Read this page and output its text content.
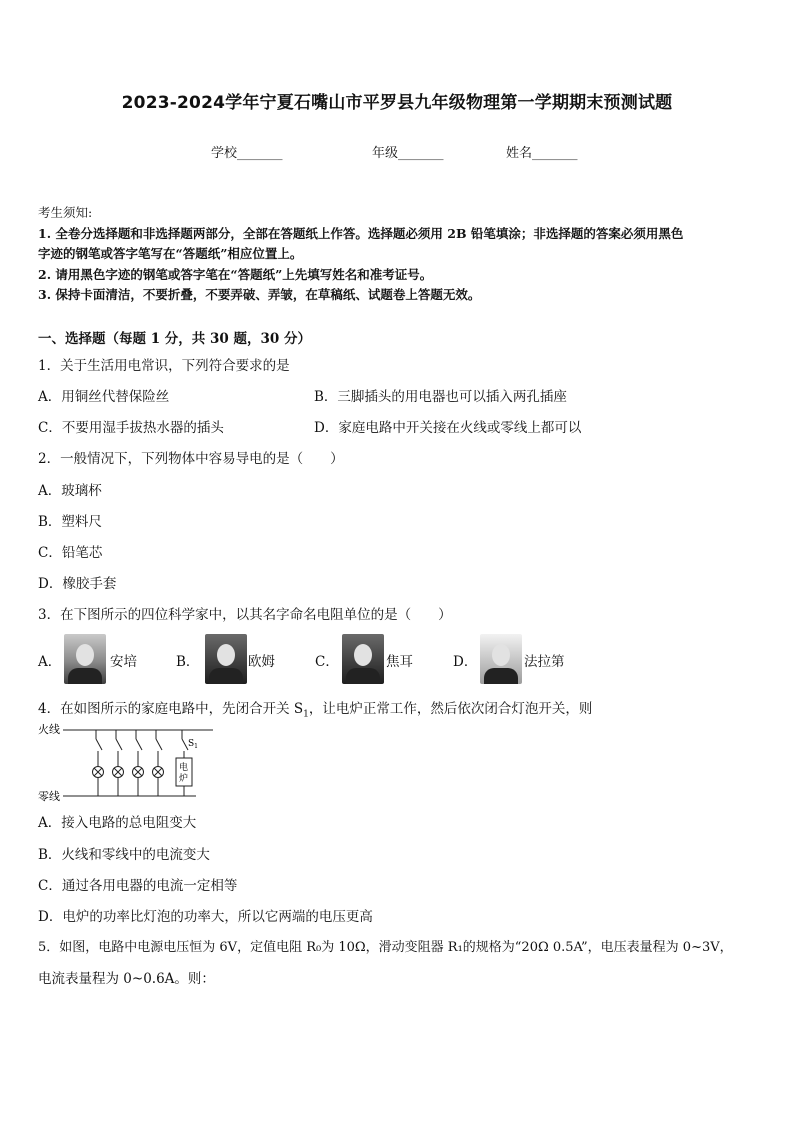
2023-2024学年宁夏石嘴山市平罗县九年级物理第一学期期末预测试题
学校_______	年级_______	姓名_______
考生须知:
1. 全卷分选择题和非选择题两部分，全部在答题纸上作答。选择题必须用 2B 铅笔填涂；非选择题的答案必须用黑色
字迹的钢笔或答字笔写在“答题纸”相应位置上。
2. 请用黑色字迹的钢笔或答字笔在“答题纸”上先填写姓名和准考证号。
3. 保持卡面清洁，不要折叠，不要弄破、弄皱，在草稿纸、试题卷上答题无效。
一、选择题（每题 1 分，共 30 题，30 分）
1．关于生活用电常识，下列符合要求的是
A．用铜丝代替保险丝	B．三脚插头的用电器也可以插入两孔插座
C．不要用湿手拔热水器的插头	D．家庭电路中开关接在火线或零线上都可以
2．一般情况下，下列物体中容易导电的是（　　）
A．玻璃杯
B．塑料尺
C．铅笔芯
D．橡胶手套
3．在下图所示的四位科学家中，以其名字命名电阻单位的是（　　）
A．	安培	B．	欧姆	C．	焦耳	D．	法拉第
4．在如图所示的家庭电路中，先闭合开关 $S_1$，让电炉正常工作，然后依次闭合灯泡开关，则
火线
零线
$S_1$
电
炉
A．接入电路的总电阻变大
B．火线和零线中的电流变大
C．通过各用电器的电流一定相等
D．电炉的功率比灯泡的功率大，所以它两端的电压更高
5．如图，电路中电源电压恒为 6V，定值电阻 R₀为 10Ω，滑动变阻器 R₁的规格为“20Ω 0.5A”，电压表量程为 0~3V，
电流表量程为 0~0.6A。则：
